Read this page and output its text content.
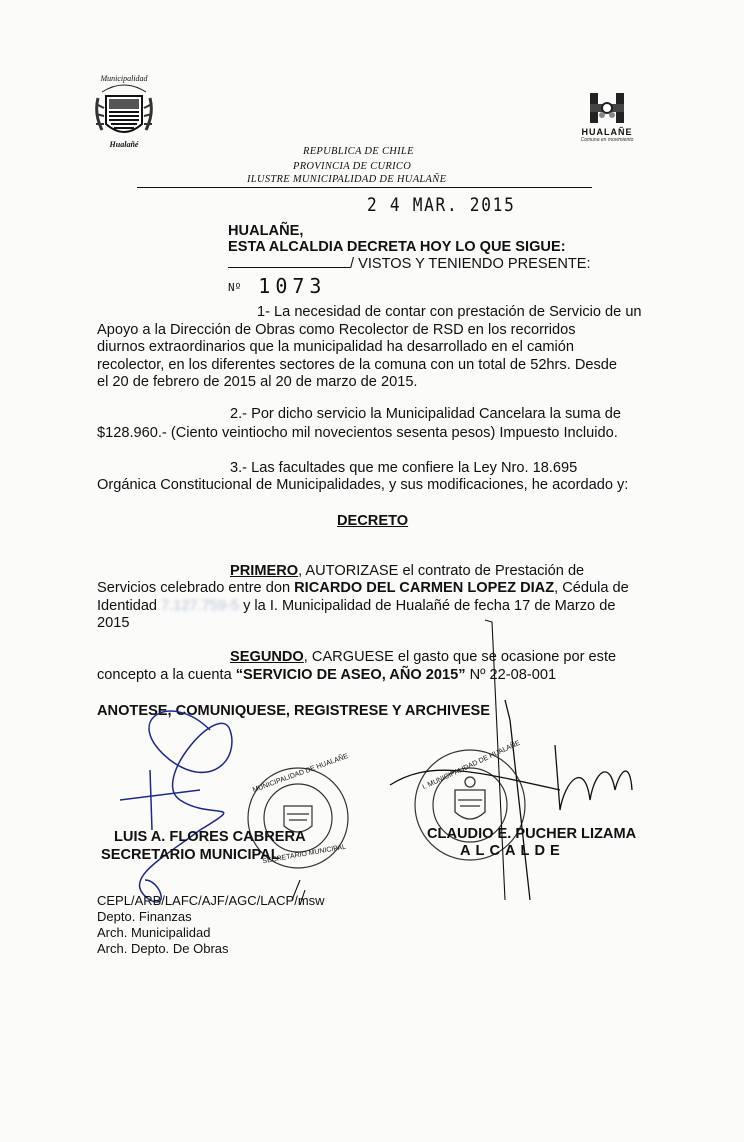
Municipalidad
Hualañé
HUALAÑE
Comuna en movimiento
REPUBLICA DE CHILE
PROVINCIA DE CURICO
ILUSTRE MUNICIPALIDAD DE HUALAÑE
2 4 MAR. 2015
HUALAÑE,
ESTA ALCALDIA DECRETA HOY LO QUE SIGUE:
/ VISTOS Y TENIENDO PRESENTE:
Nº 1073
1- La necesidad de contar con prestación de Servicio de un
Apoyo a la Dirección de Obras como Recolector de RSD en los recorridos
diurnos extraordinarios que la municipalidad ha desarrollado en el camión
recolector, en los diferentes sectores de la comuna con un total de 52hrs. Desde
el 20 de febrero de 2015 al 20 de marzo de 2015.
2.- Por dicho servicio la Municipalidad Cancelara la suma de
$128.960.- (Ciento veintiocho mil novecientos sesenta pesos) Impuesto Incluido.
3.- Las facultades que me confiere la Ley Nro. 18.695
Orgánica Constitucional de Municipalidades, y sus modificaciones, he acordado y:
DECRETO
PRIMERO, AUTORIZASE el contrato de Prestación de
Servicios celebrado entre don RICARDO DEL CARMEN LOPEZ DIAZ, Cédula de
Identidad 7.127.759-5 y la I. Municipalidad de Hualañé de fecha 17 de Marzo de
2015
SEGUNDO, CARGUESE el gasto que se ocasione por este
concepto a la cuenta “SERVICIO DE ASEO, AÑO 2015” Nº 22-08-001
ANOTESE, COMUNIQUESE, REGISTRESE Y ARCHIVESE
MUNICIPALIDAD DE HUALAÑE
SECRETARIO MUNICIPAL
I. MUNICIPALIDAD DE HUALAÑE
LUIS A. FLORES CABRERA
SECRETARIO MUNICIPAL
CLAUDIO E. PUCHER LIZAMA
ALCALDE
CEPL/ARB/LAFC/AJF/AGC/LACP/msw
Depto. Finanzas
Arch. Municipalidad
Arch. Depto. De Obras
